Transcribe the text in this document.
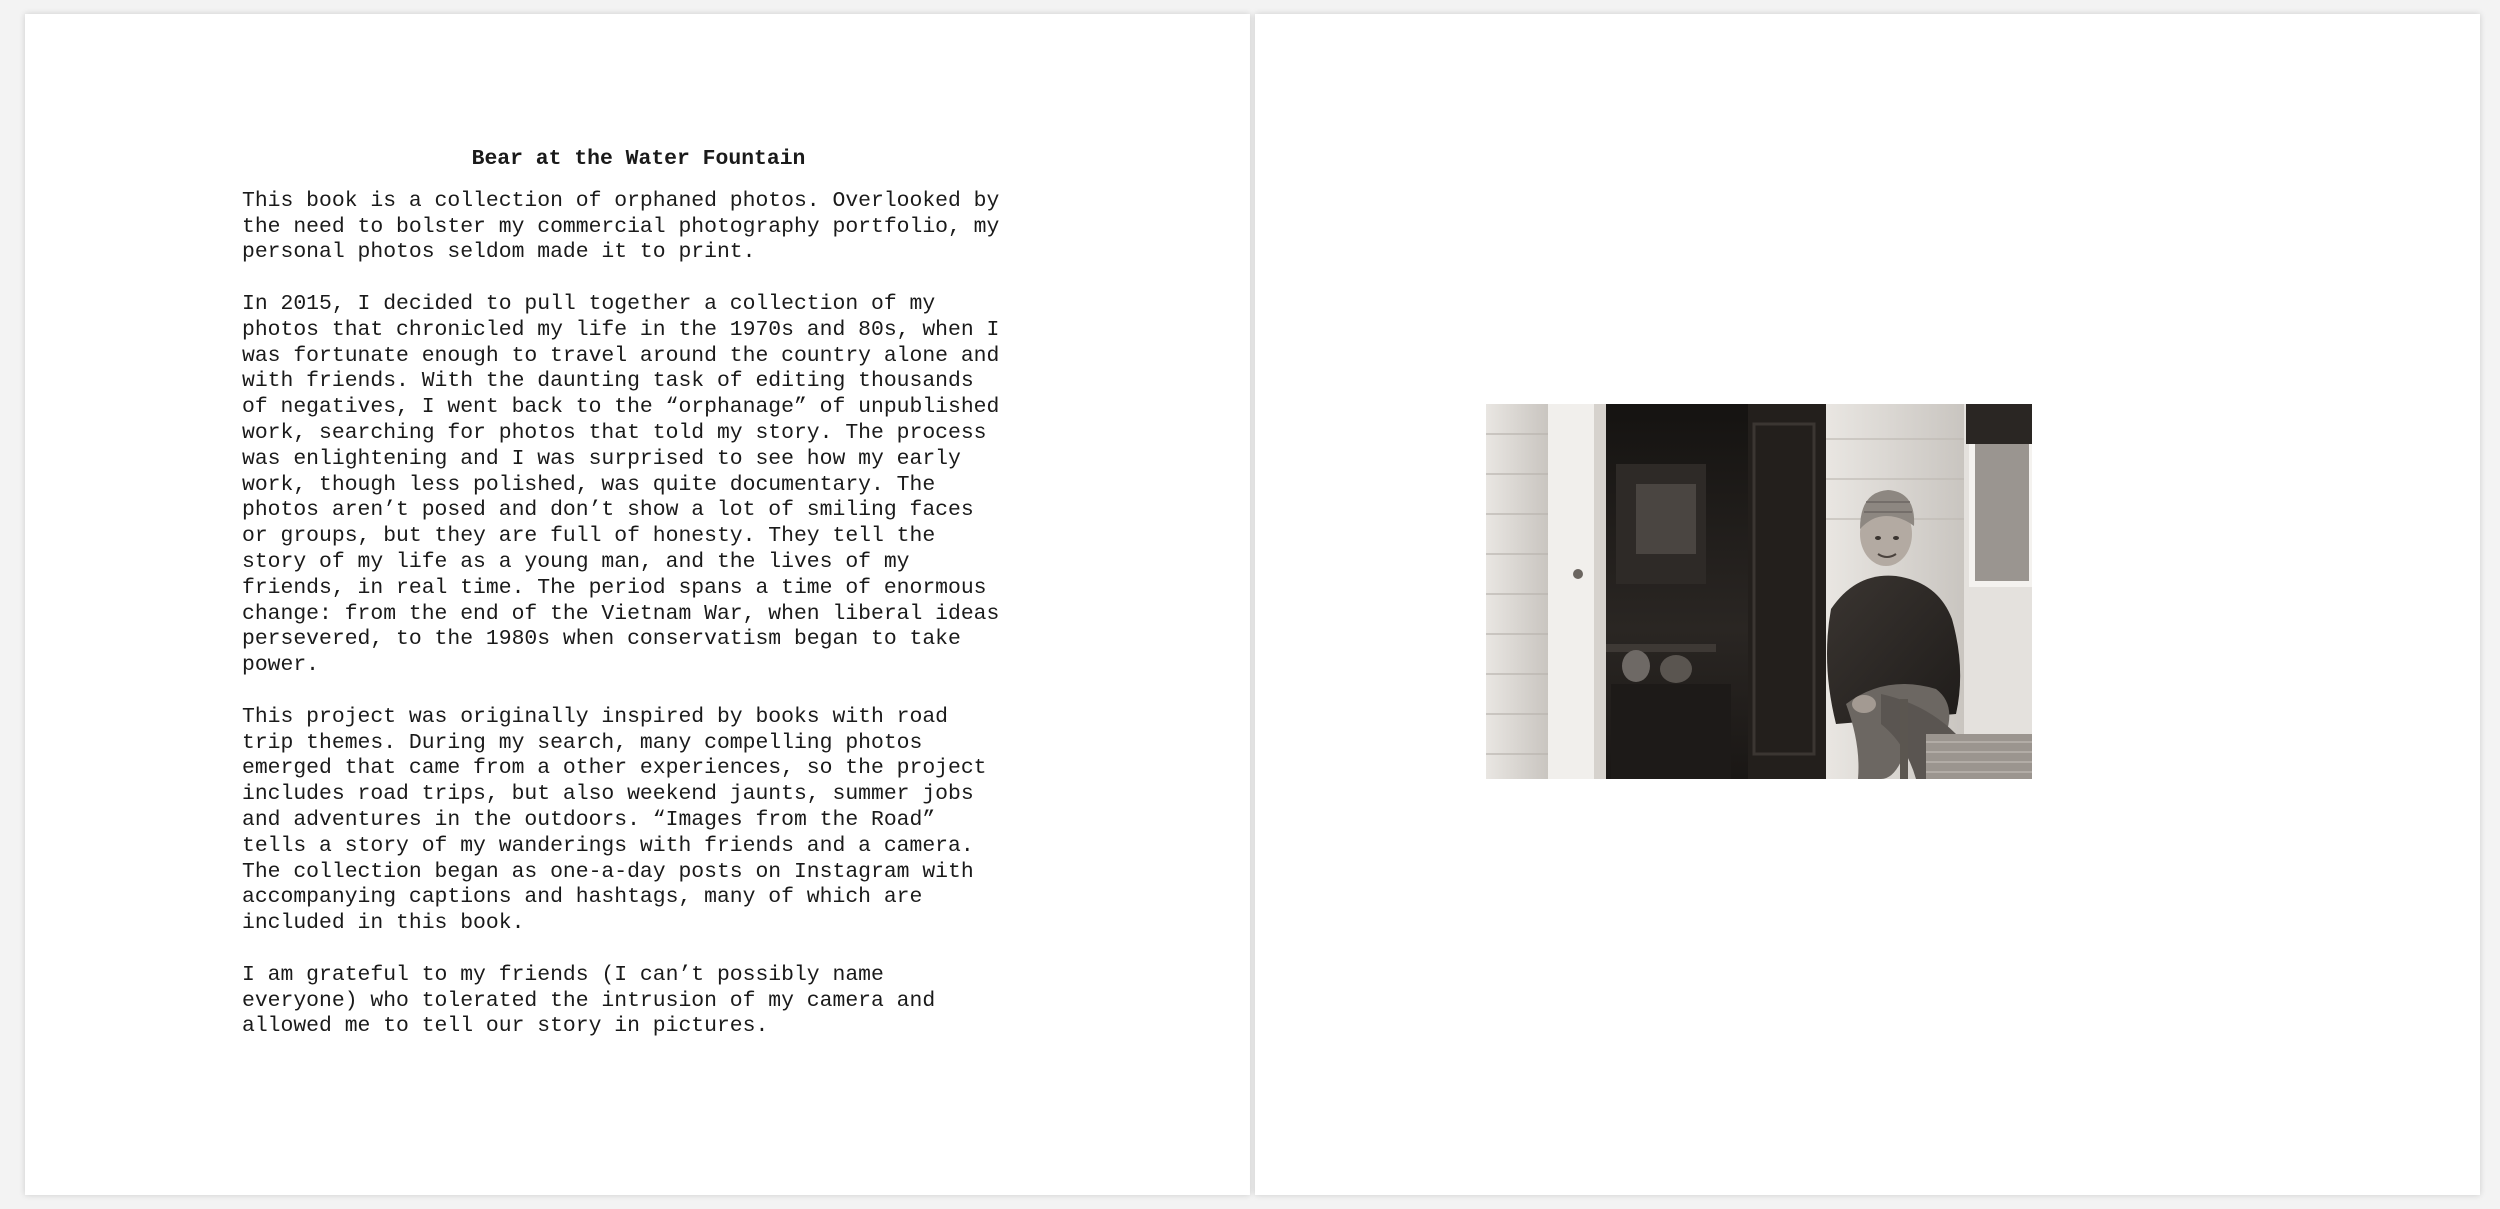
Bear at the Water Fountain

This book is a collection of orphaned photos. Overlooked by
the need to bolster my commercial photography portfolio, my
personal photos seldom made it to print.

In 2015, I decided to pull together a collection of my
photos that chronicled my life in the 1970s and 80s, when I
was fortunate enough to travel around the country alone and
with friends. With the daunting task of editing thousands
of negatives, I went back to the “orphanage” of unpublished
work, searching for photos that told my story. The process
was enlightening and I was surprised to see how my early
work, though less polished, was quite documentary. The
photos aren’t posed and don’t show a lot of smiling faces
or groups, but they are full of honesty. They tell the
story of my life as a young man, and the lives of my
friends, in real time. The period spans a time of enormous
change: from the end of the Vietnam War, when liberal ideas
persevered, to the 1980s when conservatism began to take
power.

This project was originally inspired by books with road
trip themes. During my search, many compelling photos
emerged that came from a other experiences, so the project
includes road trips, but also weekend jaunts, summer jobs
and adventures in the outdoors. “Images from the Road”
tells a story of my wanderings with friends and a camera.
The collection began as one-a-day posts on Instagram with
accompanying captions and hashtags, many of which are
included in this book.

I am grateful to my friends (I can’t possibly name
everyone) who tolerated the intrusion of my camera and
allowed me to tell our story in pictures.
